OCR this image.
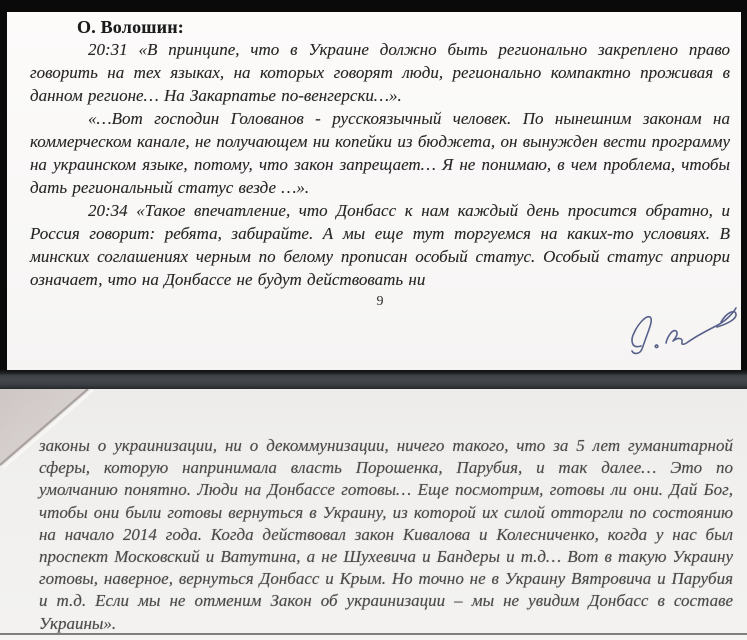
О. Волошин:

20:31 «В принципе, что в Украине должно быть регионально закреплено право говорить на тех языках, на которых говорят люди, регионально компактно проживая в данном регионе… На Закарпатье по-венгерски…».

«…Вот господин Голованов - русскоязычный человек. По нынешним законам на коммерческом канале, не получающем ни копейки из бюджета, он вынужден вести программу на украинском языке, потому, что закон запрещает… Я не понимаю, в чем проблема, чтобы дать региональный статус везде …».

20:34 «Такое впечатление, что Донбасс к нам каждый день просится обратно, и Россия говорит: ребята, забирайте. А мы еще тут торгуемся на каких-то условиях. В минских соглашениях черным по белому прописан особый статус. Особый статус априори означает, что на Донбассе не будут действовать ни

9

законы о украинизации, ни о декоммунизации, ничего такого, что за 5 лет гуманитарной сферы, которую напринимала власть Порошенка, Парубия, и так далее… Это по умолчанию понятно. Люди на Донбассе готовы… Еще посмотрим, готовы ли они. Дай Бог, чтобы они были готовы вернуться в Украину, из которой их силой отторгли по состоянию на начало 2014 года. Когда действовал закон Кивалова и Колесниченко, когда у нас был проспект Московский и Ватутина, а не Шухевича и Бандеры и т.д… Вот в такую Украину готовы, наверное, вернуться Донбасс и Крым. Но точно не в Украину Вятровича и Парубия и т.д. Если мы не отменим Закон об украинизации – мы не увидим Донбасс в составе Украины».
